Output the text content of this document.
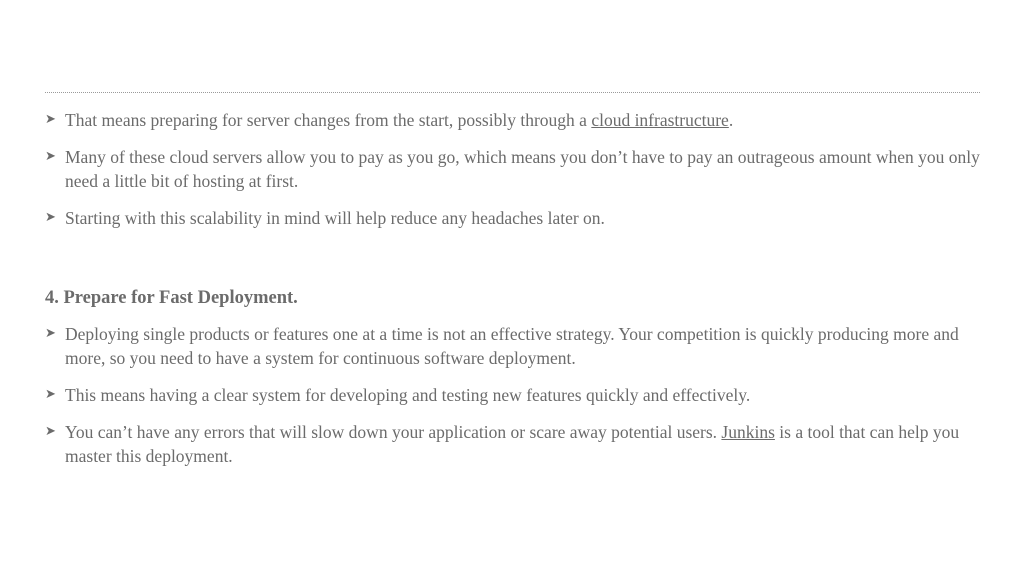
➤ That means preparing for server changes from the start, possibly through a cloud infrastructure.
➤ Many of these cloud servers allow you to pay as you go, which means you don’t have to pay an outrageous amount when you only need a little bit of hosting at first.
➤ Starting with this scalability in mind will help reduce any headaches later on.
4. Prepare for Fast Deployment.
➤ Deploying single products or features one at a time is not an effective strategy. Your competition is quickly producing more and more, so you need to have a system for continuous software deployment.
➤ This means having a clear system for developing and testing new features quickly and effectively.
➤ You can’t have any errors that will slow down your application or scare away potential users. Junkins is a tool that can help you master this deployment.
